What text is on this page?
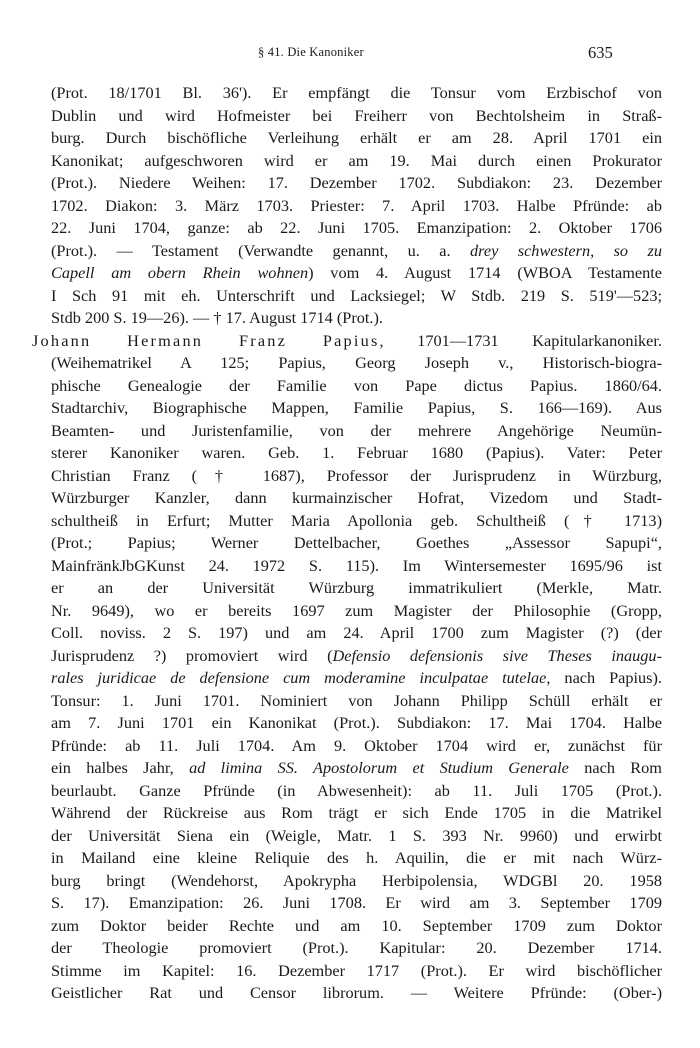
§ 41. Die Kanoniker	635
(Prot. 18/1701 Bl. 36'). Er empfängt die Tonsur vom Erzbischof von
Dublin und wird Hofmeister bei Freiherr von Bechtolsheim in Straß-
burg. Durch bischöfliche Verleihung erhält er am 28. April 1701 ein
Kanonikat; aufgeschworen wird er am 19. Mai durch einen Prokurator
(Prot.). Niedere Weihen: 17. Dezember 1702. Subdiakon: 23. Dezember
1702. Diakon: 3. März 1703. Priester: 7. April 1703. Halbe Pfründe: ab
22. Juni 1704, ganze: ab 22. Juni 1705. Emanzipation: 2. Oktober 1706
(Prot.). — Testament (Verwandte genannt, u. a. drey schwestern, so zu
Capell am obern Rhein wohnen) vom 4. August 1714 (WBOA Testamente
I Sch 91 mit eh. Unterschrift und Lacksiegel; W Stdb. 219 S. 519'—523;
Stdb 200 S. 19—26). — † 17. August 1714 (Prot.).
Johann Hermann Franz Papius, 1701—1731 Kapitularkanoniker.
(Weihematrikel A 125; Papius, Georg Joseph v., Historisch-biogra-
phische Genealogie der Familie von Pape dictus Papius. 1860/64.
Stadtarchiv, Biographische Mappen, Familie Papius, S. 166—169). Aus
Beamten- und Juristenfamilie, von der mehrere Angehörige Neumün-
sterer Kanoniker waren. Geb. 1. Februar 1680 (Papius). Vater: Peter
Christian Franz († 1687), Professor der Jurisprudenz in Würzburg,
Würzburger Kanzler, dann kurmainzischer Hofrat, Vizedom und Stadt-
schultheiß in Erfurt; Mutter Maria Apollonia geb. Schultheiß († 1713)
(Prot.; Papius; Werner Dettelbacher, Goethes „Assessor Sapupi“,
MainfränkJbGKunst 24. 1972 S. 115). Im Wintersemester 1695/96 ist
er an der Universität Würzburg immatrikuliert (Merkle, Matr.
Nr. 9649), wo er bereits 1697 zum Magister der Philosophie (Gropp,
Coll. noviss. 2 S. 197) und am 24. April 1700 zum Magister (?) (der
Jurisprudenz ?) promoviert wird (Defensio defensionis sive Theses inaugu-
rales juridicae de defensione cum moderamine inculpatae tutelae, nach Papius).
Tonsur: 1. Juni 1701. Nominiert von Johann Philipp Schüll erhält er
am 7. Juni 1701 ein Kanonikat (Prot.). Subdiakon: 17. Mai 1704. Halbe
Pfründe: ab 11. Juli 1704. Am 9. Oktober 1704 wird er, zunächst für
ein halbes Jahr, ad limina SS. Apostolorum et Studium Generale nach Rom
beurlaubt. Ganze Pfründe (in Abwesenheit): ab 11. Juli 1705 (Prot.).
Während der Rückreise aus Rom trägt er sich Ende 1705 in die Matrikel
der Universität Siena ein (Weigle, Matr. 1 S. 393 Nr. 9960) und erwirbt
in Mailand eine kleine Reliquie des h. Aquilin, die er mit nach Würz-
burg bringt (Wendehorst, Apokrypha Herbipolensia, WDGBl 20. 1958
S. 17). Emanzipation: 26. Juni 1708. Er wird am 3. September 1709
zum Doktor beider Rechte und am 10. September 1709 zum Doktor
der Theologie promoviert (Prot.). Kapitular: 20. Dezember 1714.
Stimme im Kapitel: 16. Dezember 1717 (Prot.). Er wird bischöflicher
Geistlicher Rat und Censor librorum. — Weitere Pfründe: (Ober-)
